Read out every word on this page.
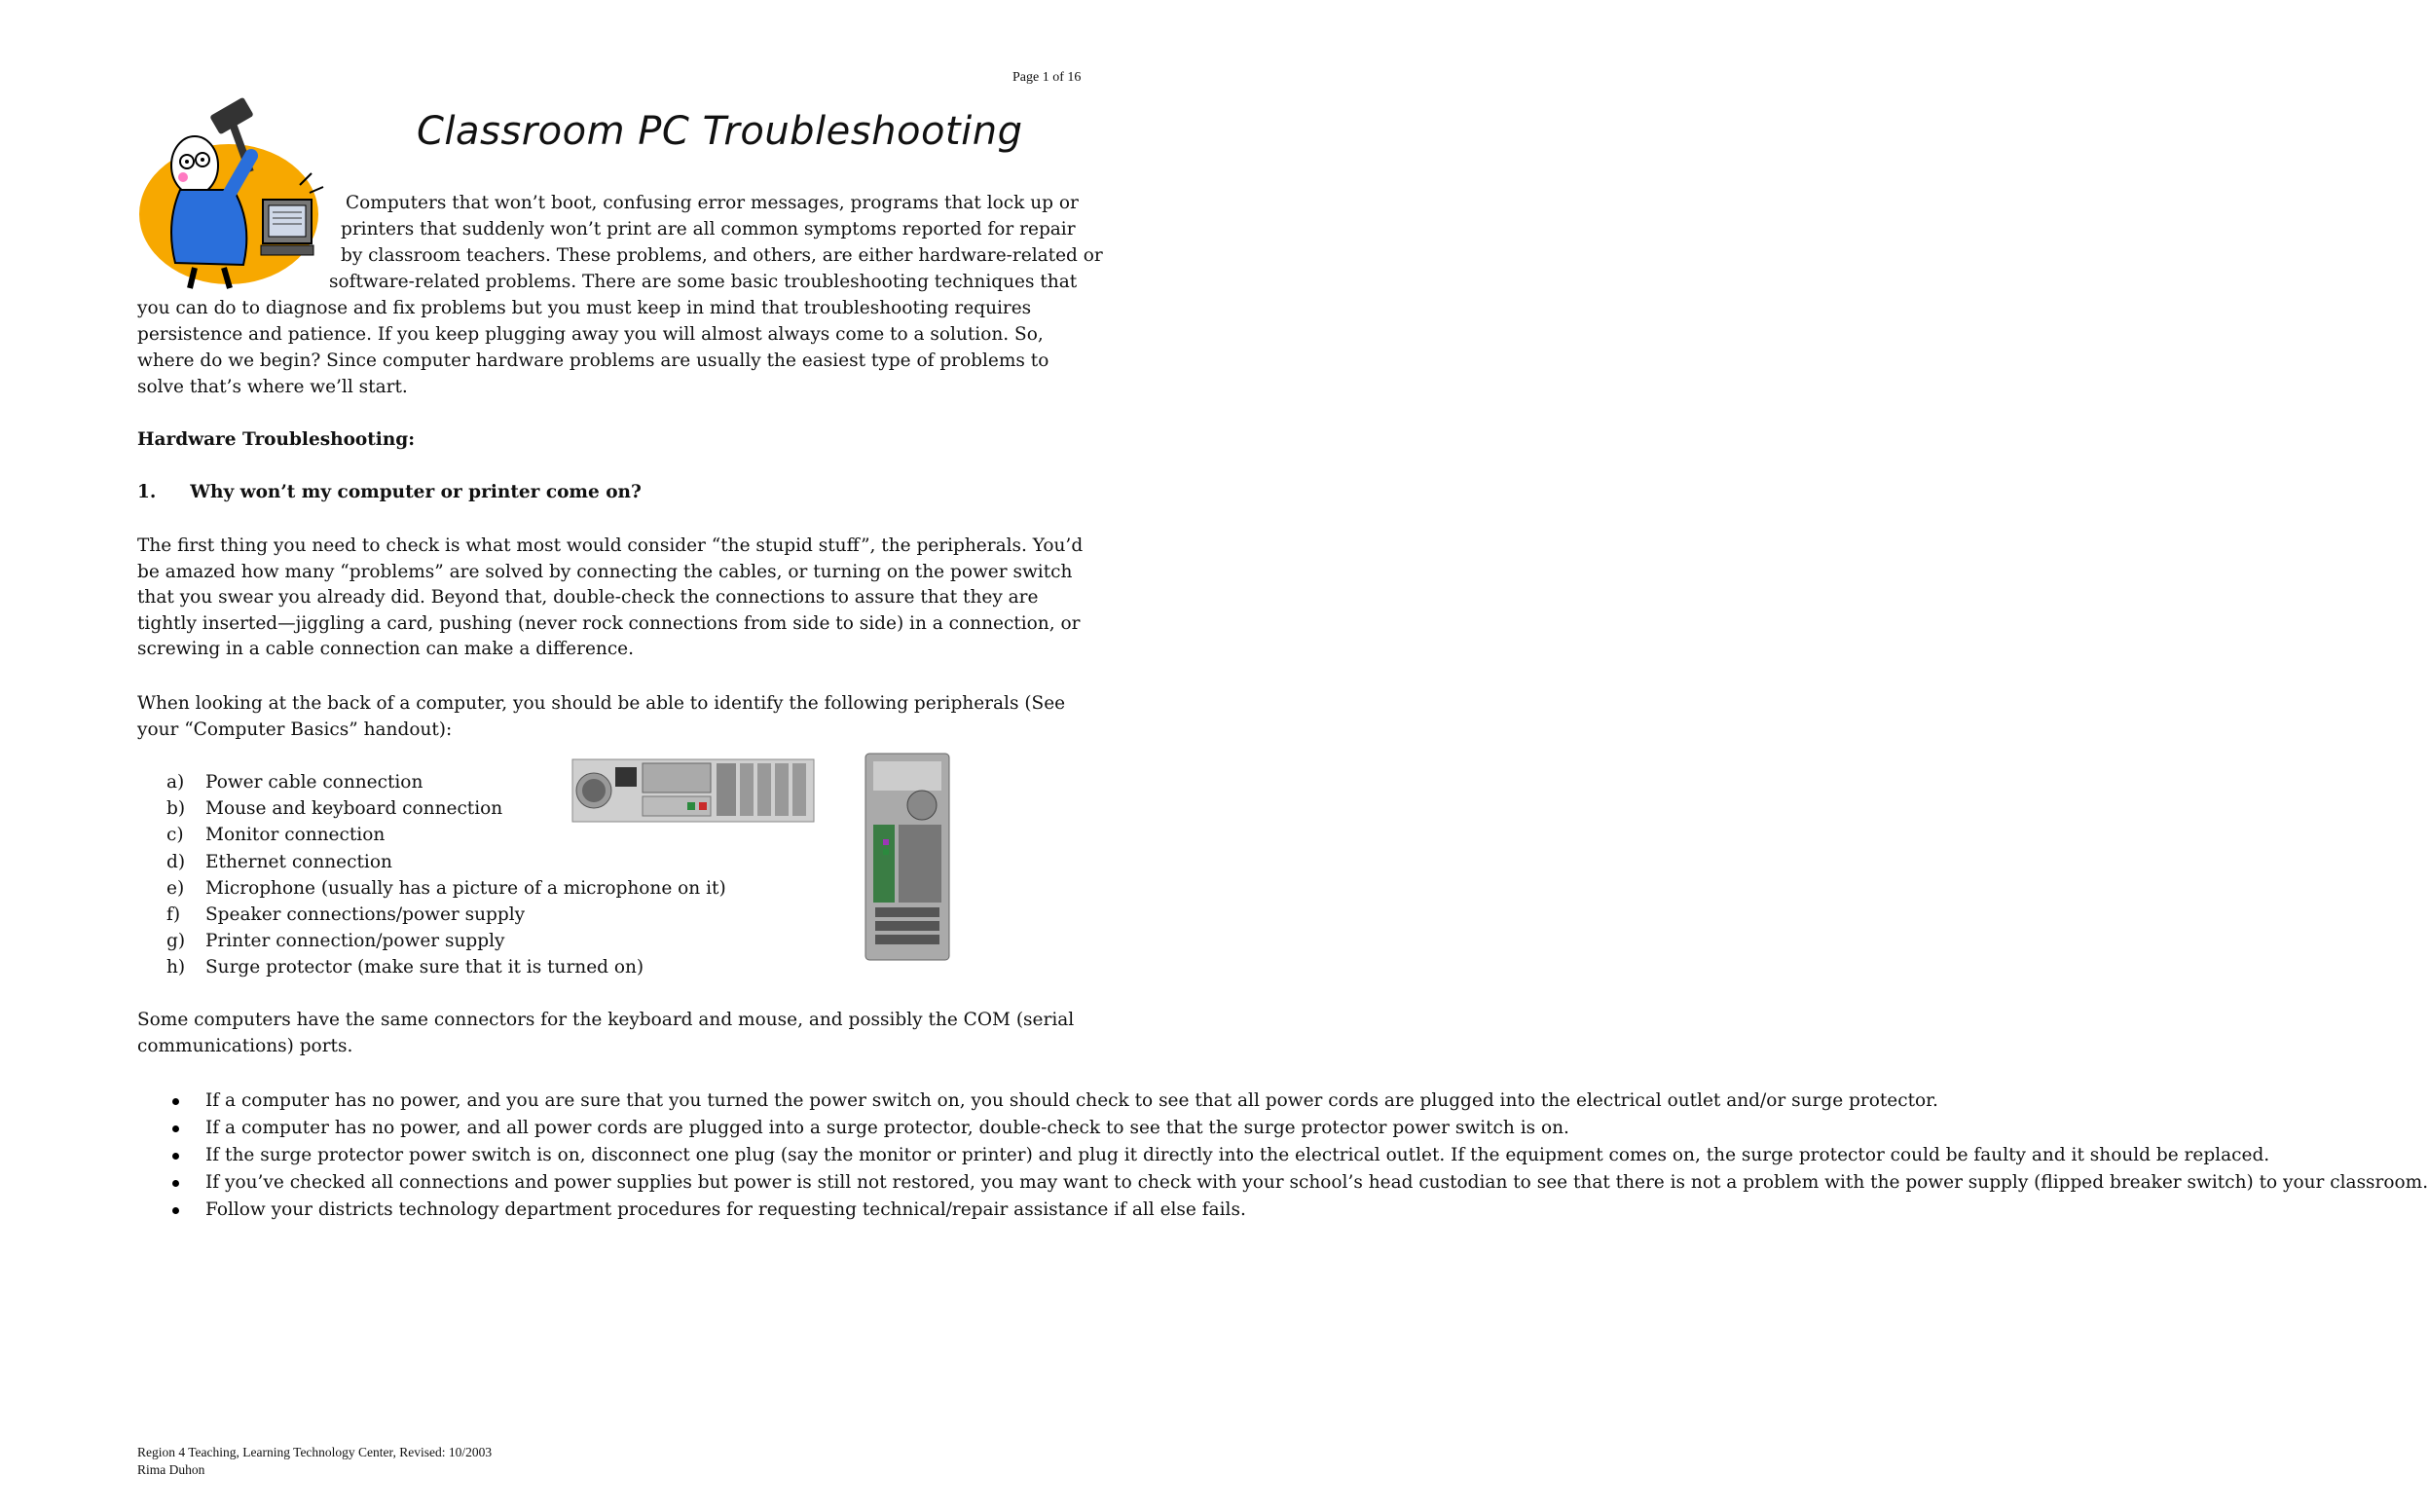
Page 1 of 16
Classroom PC Troubleshooting
Computers that won’t boot, confusing error messages, programs that lock up or
printers that suddenly won’t print are all common symptoms reported for repair
by classroom teachers. These problems, and others, are either hardware-related or
software-related problems. There are some basic troubleshooting techniques that
you can do to diagnose and fix problems but you must keep in mind that troubleshooting requires
persistence and patience. If you keep plugging away you will almost always come to a solution. So,
where do we begin? Since computer hardware problems are usually the easiest type of problems to
solve that’s where we’ll start.
Hardware Troubleshooting:
1. Why won’t my computer or printer come on?
The first thing you need to check is what most would consider “the stupid stuff”, the peripherals. You’d be amazed how many “problems” are solved by connecting the cables, or turning on the power switch that you swear you already did. Beyond that, double-check the connections to assure that they are tightly inserted—jiggling a card, pushing (never rock connections from side to side) in a connection, or screwing in a cable connection can make a difference.
When looking at the back of a computer, you should be able to identify the following peripherals (See your “Computer Basics” handout):
a) Power cable connection
b) Mouse and keyboard connection
c) Monitor connection
d) Ethernet connection
e) Microphone (usually has a picture of a microphone on it)
f) Speaker connections/power supply
g) Printer connection/power supply
h) Surge protector (make sure that it is turned on)
Some computers have the same connectors for the keyboard and mouse, and possibly the COM (serial communications) ports.
If a computer has no power, and you are sure that you turned the power switch on, you should check to see that all power cords are plugged into the electrical outlet and/or surge protector.
If a computer has no power, and all power cords are plugged into a surge protector, double-check to see that the surge protector power switch is on.
If the surge protector power switch is on, disconnect one plug (say the monitor or printer) and plug it directly into the electrical outlet. If the equipment comes on, the surge protector could be faulty and it should be replaced.
If you’ve checked all connections and power supplies but power is still not restored, you may want to check with your school’s head custodian to see that there is not a problem with the power supply (flipped breaker switch) to your classroom.
Follow your districts technology department procedures for requesting technical/repair assistance if all else fails.
Region 4 Teaching, Learning Technology Center, Revised: 10/2003
Rima Duhon
